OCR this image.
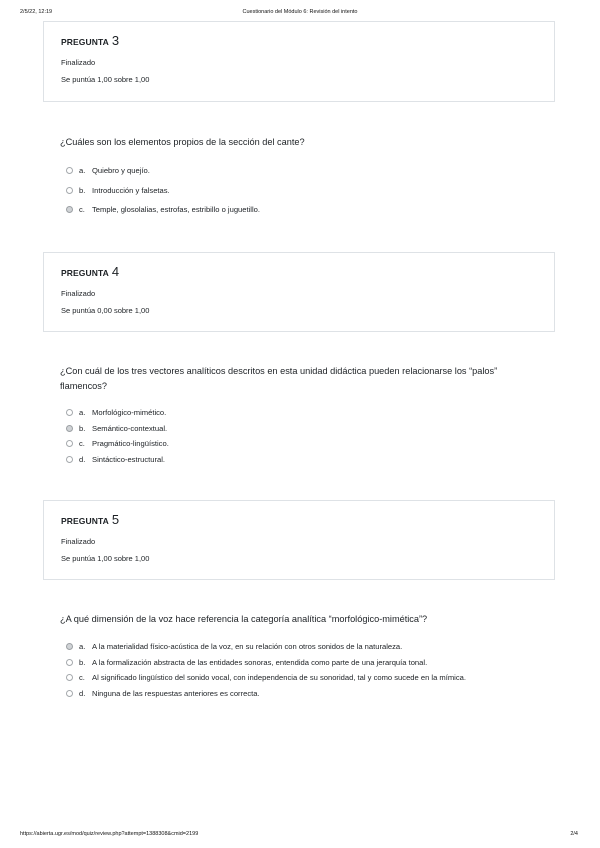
2/5/22, 12:19	Cuestionario del Módulo 6: Revisión del intento
PREGUNTA 3
Finalizado
Se puntúa 1,00 sobre 1,00
¿Cuáles son los elementos propios de la sección del cante?
a. Quiebro y quejío.
b. Introducción y falsetas.
c. Temple, glosolalias, estrofas, estribillo o juguetillo.
PREGUNTA 4
Finalizado
Se puntúa 0,00 sobre 1,00
¿Con cuál de los tres vectores analíticos descritos en esta unidad didáctica pueden relacionarse los “palos” flamencos?
a. Morfológico-mimético.
b. Semántico-contextual.
c. Pragmático-lingüístico.
d. Sintáctico-estructural.
PREGUNTA 5
Finalizado
Se puntúa 1,00 sobre 1,00
¿A qué dimensión de la voz hace referencia la categoría analítica “morfológico-mimética”?
a. A la materialidad físico-acústica de la voz, en su relación con otros sonidos de la naturaleza.
b. A la formalización abstracta de las entidades sonoras, entendida como parte de una jerarquía tonal.
c. Al significado lingüístico del sonido vocal, con independencia de su sonoridad, tal y como sucede en la mímica.
d. Ninguna de las respuestas anteriores es correcta.
https://abierta.ugr.es/mod/quiz/review.php?attempt=1388308&cmid=2199	2/4
